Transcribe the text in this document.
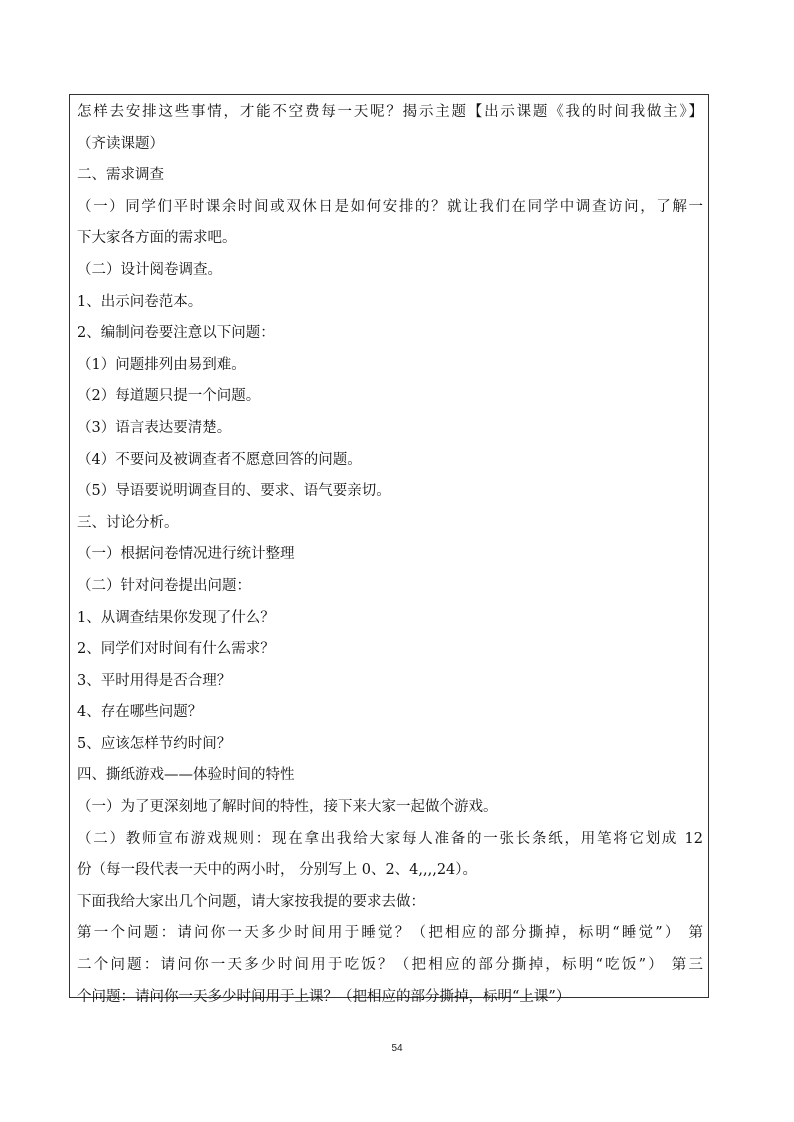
怎样去安排这些事情，才能不空费每一天呢？揭示主题【出示课题《我的时间我做主》】
（齐读课题）
二、需求调查
（一）同学们平时课余时间或双休日是如何安排的？就让我们在同学中调查访问，了解一
下大家各方面的需求吧。
（二）设计阅卷调查。
1、出示问卷范本。
2、编制问卷要注意以下问题：
（1）问题排列由易到难。
（2）每道题只提一个问题。
（3）语言表达要清楚。
（4）不要问及被调查者不愿意回答的问题。
（5）导语要说明调查目的、要求、语气要亲切。
三、讨论分析。
（一）根据问卷情况进行统计整理
（二）针对问卷提出问题：
1、从调查结果你发现了什么？
2、同学们对时间有什么需求？
3、平时用得是否合理？
4、存在哪些问题？
5、应该怎样节约时间？
四、撕纸游戏——体验时间的特性
（一）为了更深刻地了解时间的特性，接下来大家一起做个游戏。
（二）教师宣布游戏规则：现在拿出我给大家每人准备的一张长条纸，用笔将它划成 12
份（每一段代表一天中的两小时， 分别写上 0、2、4,,,,24）。
下面我给大家出几个问题，请大家按我提的要求去做：
第一个问题：请问你一天多少时间用于睡觉？（把相应的部分撕掉，标明“睡觉”） 第
二个问题：请问你一天多少时间用于吃饭？（把相应的部分撕掉，标明“吃饭”） 第三
个问题：请问你一天多少时间用于上课？（把相应的部分撕掉，标明“上课”）
54
